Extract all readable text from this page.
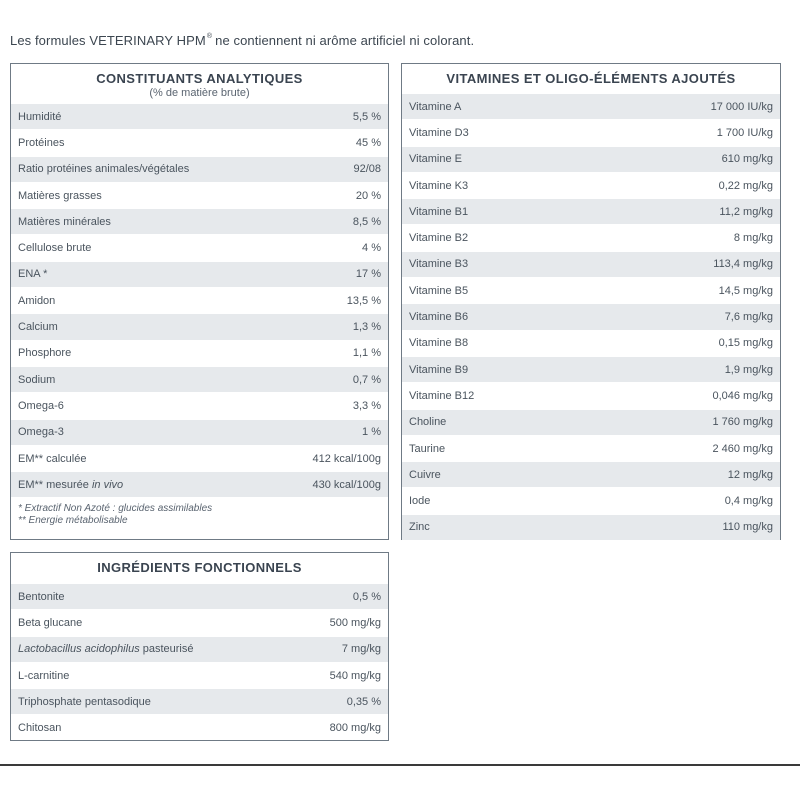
Les formules VETERINARY HPM® ne contiennent ni arôme artificiel ni colorant.
CONSTITUANTS ANALYTIQUES
(% de matière brute)
Humidité	5,5 %
Protéines	45 %
Ratio protéines animales/végétales	92/08
Matières grasses	20 %
Matières minérales	8,5 %
Cellulose brute	4 %
ENA *	17 %
Amidon	13,5 %
Calcium	1,3 %
Phosphore	1,1 %
Sodium	0,7 %
Omega-6	3,3 %
Omega-3	1 %
EM** calculée	412 kcal/100g
EM** mesurée in vivo	430 kcal/100g
* Extractif Non Azoté : glucides assimilables
** Energie métabolisable
VITAMINES ET OLIGO-ÉLÉMENTS AJOUTÉS
Vitamine A	17 000 IU/kg
Vitamine D3	1 700 IU/kg
Vitamine E	610 mg/kg
Vitamine K3	0,22 mg/kg
Vitamine B1	11,2 mg/kg
Vitamine B2	8 mg/kg
Vitamine B3	113,4 mg/kg
Vitamine B5	14,5 mg/kg
Vitamine B6	7,6 mg/kg
Vitamine B8	0,15 mg/kg
Vitamine B9	1,9 mg/kg
Vitamine B12	0,046 mg/kg
Choline	1 760 mg/kg
Taurine	2 460 mg/kg
Cuivre	12 mg/kg
Iode	0,4 mg/kg
Zinc	110 mg/kg
INGRÉDIENTS FONCTIONNELS
Bentonite	0,5 %
Beta glucane	500 mg/kg
Lactobacillus acidophilus pasteurisé	7 mg/kg
L-carnitine	540 mg/kg
Triphosphate pentasodique	0,35 %
Chitosan	800 mg/kg
